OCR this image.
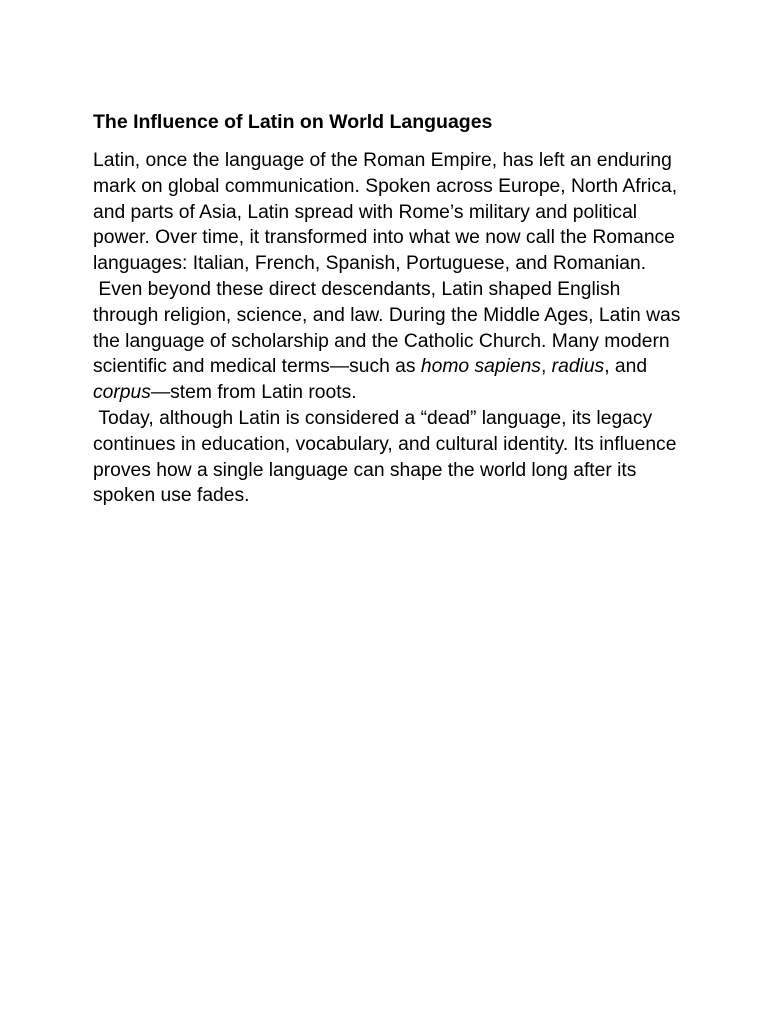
The Influence of Latin on World Languages
Latin, once the language of the Roman Empire, has left an enduring mark on global communication. Spoken across Europe, North Africa, and parts of Asia, Latin spread with Rome’s military and political power. Over time, it transformed into what we now call the Romance languages: Italian, French, Spanish, Portuguese, and Romanian.
Even beyond these direct descendants, Latin shaped English through religion, science, and law. During the Middle Ages, Latin was the language of scholarship and the Catholic Church. Many modern scientific and medical terms—such as homo sapiens, radius, and corpus—stem from Latin roots.
Today, although Latin is considered a “dead” language, its legacy continues in education, vocabulary, and cultural identity. Its influence proves how a single language can shape the world long after its spoken use fades.
